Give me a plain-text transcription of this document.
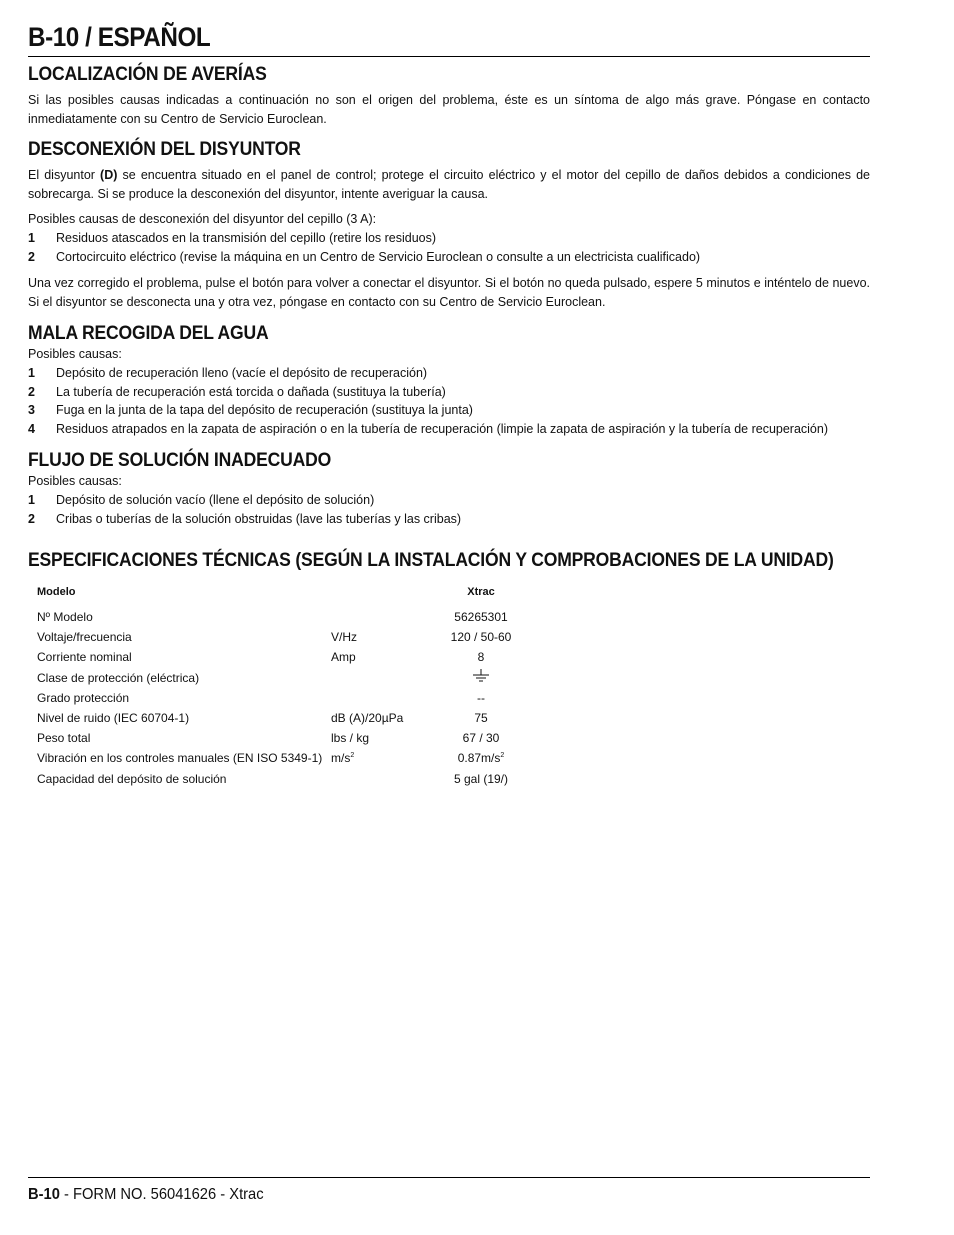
B-10 / ESPAÑOL
LOCALIZACIÓN DE AVERÍAS

Si las posibles causas indicadas a continuación no son el origen del problema, éste es un síntoma de algo más grave. Póngase en contacto inmediatamente con su Centro de Servicio Euroclean.

DESCONEXIÓN DEL DISYUNTOR

El disyuntor (D) se encuentra situado en el panel de control; protege el circuito eléctrico y el motor del cepillo de daños debidos a condiciones de sobrecarga. Si se produce la desconexión del disyuntor, intente averiguar la causa.

Posibles causas de desconexión del disyuntor del cepillo (3 A):

1	Residuos atascados en la transmisión del cepillo (retire los residuos)
2	Cortocircuito eléctrico (revise la máquina en un Centro de Servicio Euroclean o consulte a un electricista cualificado)

Una vez corregido el problema, pulse el botón para volver a conectar el disyuntor. Si el botón no queda pulsado, espere 5 minutos e inténtelo de nuevo. Si el disyuntor se desconecta una y otra vez, póngase en contacto con su Centro de Servicio Euroclean.

MALA RECOGIDA DEL AGUA

Posibles causas:

1	Depósito de recuperación lleno (vacíe el depósito de recuperación)
2	La tubería de recuperación está torcida o dañada (sustituya la tubería)
3	Fuga en la junta de la tapa del depósito de recuperación (sustituya la junta)
4	Residuos atrapados en la zapata de aspiración o en la tubería de recuperación (limpie la zapata de aspiración y la tubería de recuperación)
FLUJO DE SOLUCIÓN INADECUADO

Posibles causas:

1	Depósito de solución vacío (llene el depósito de solución)
2	Cribas o tuberías de la solución obstruidas (lave las tuberías y las cribas)
ESPECIFICACIONES TÉCNICAS (SEGÚN LA INSTALACIÓN Y COMPROBACIONES DE LA UNIDAD)
Modelo		Xtrac

Nº Modelo		56265301
Voltaje/frecuencia	V/Hz	120 / 50-60
Corriente nominal	Amp	8
Clase de protección (eléctrica)		
Grado protección		--
Nivel de ruido (IEC 60704-1)	dB (A)/20µPa	75
Peso total	lbs / kg	67 / 30
Vibración en los controles manuales (EN ISO 5349-1)	$m/s^2$	$0.87m/s^2$
Capacidad del depósito de solución		5 gal (19/)
B-10 - FORM NO. 56041626 - Xtrac
